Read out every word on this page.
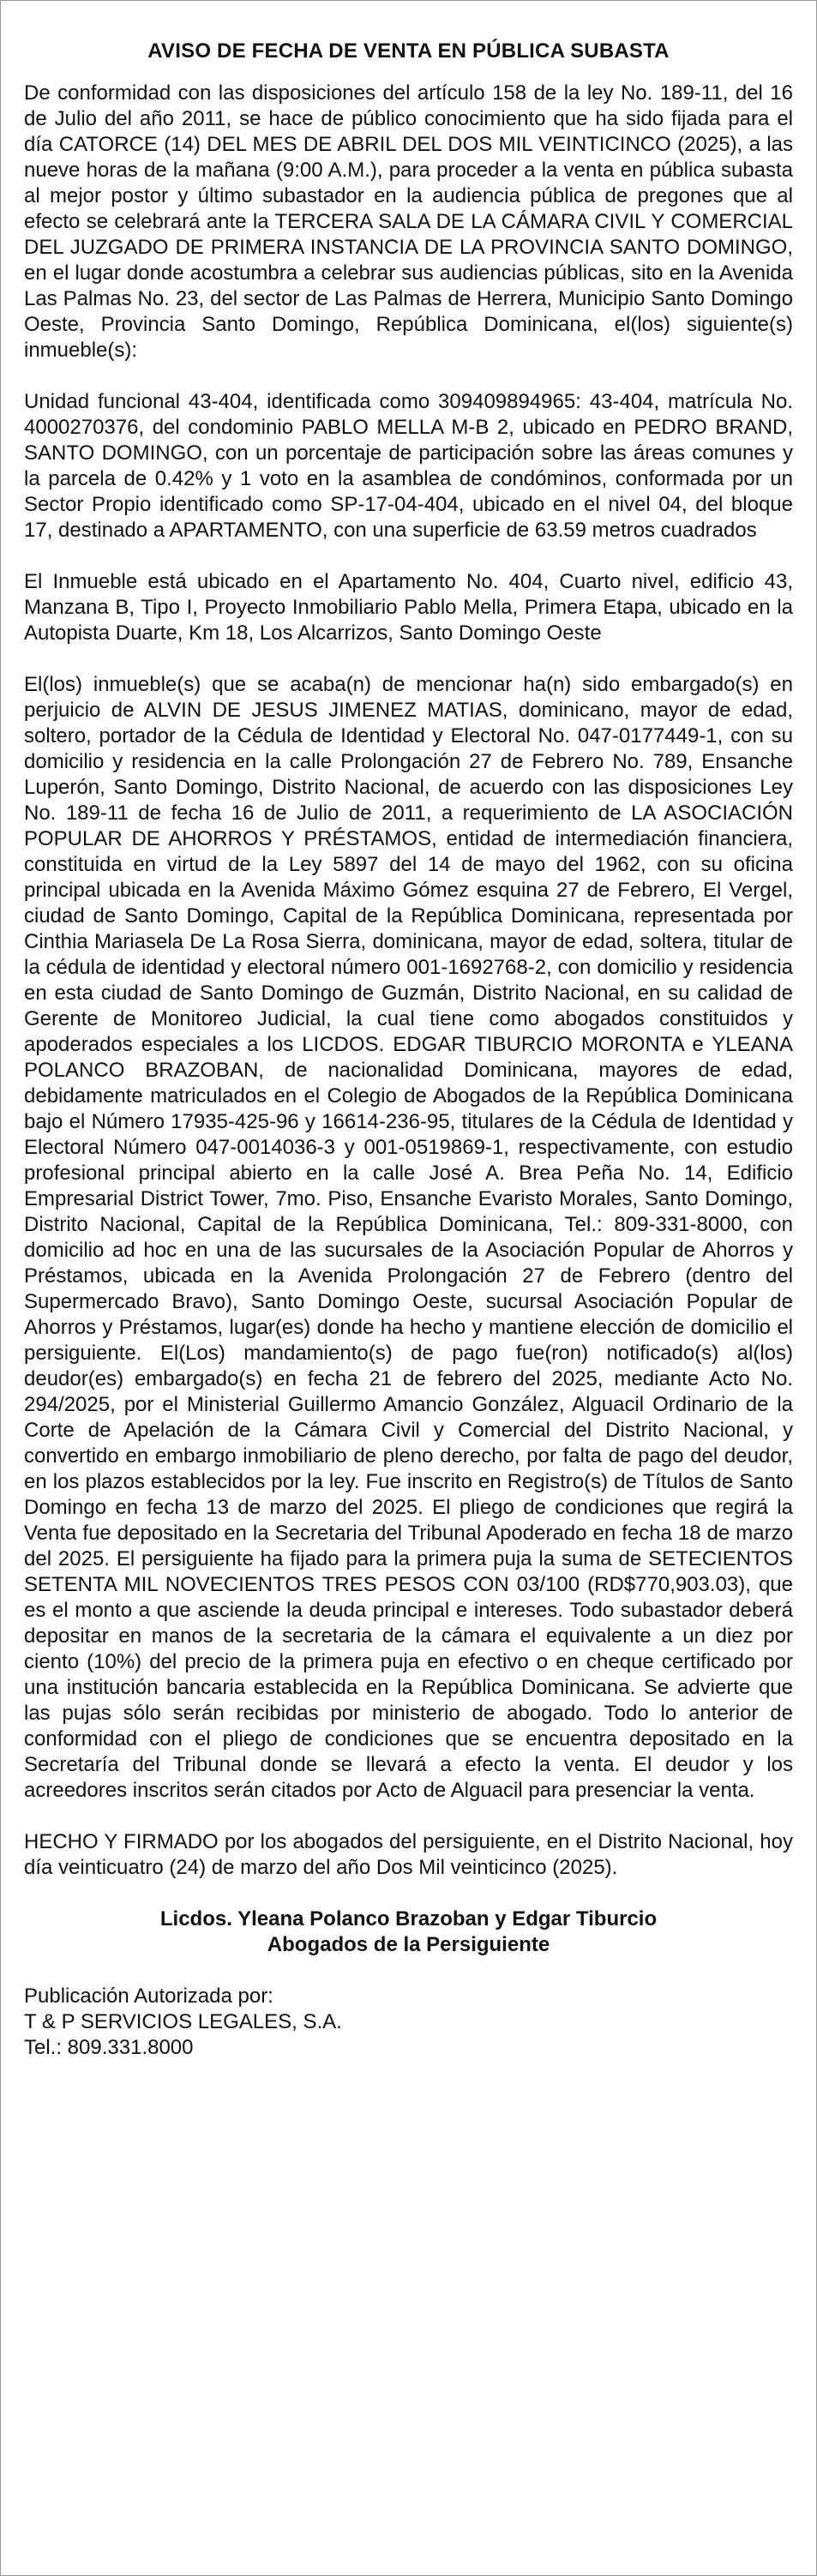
AVISO DE FECHA DE VENTA EN PÚBLICA SUBASTA

De conformidad con las disposiciones del artículo 158 de la ley No. 189-11, del 16 de Julio del año 2011, se hace de público conocimiento que ha sido fijada para el día CATORCE (14) DEL MES DE ABRIL DEL DOS MIL VEINTICINCO (2025), a las nueve horas de la mañana (9:00 A.M.), para proceder a la venta en pública subasta al mejor postor y último subastador en la audiencia pública de pregones que al efecto se celebrará ante la TERCERA SALA DE LA CÁMARA CIVIL Y COMERCIAL DEL JUZGADO DE PRIMERA INSTANCIA DE LA PROVINCIA SANTO DOMINGO, en el lugar donde acostumbra a celebrar sus audiencias públicas, sito en la Avenida Las Palmas No. 23, del sector de Las Palmas de Herrera, Municipio Santo Domingo Oeste, Provincia Santo Domingo, República Dominicana, el(los) siguiente(s) inmueble(s):

Unidad funcional 43-404, identificada como 309409894965: 43-404, matrícula No. 4000270376, del condominio PABLO MELLA M-B 2, ubicado en PEDRO BRAND, SANTO DOMINGO, con un porcentaje de participación sobre las áreas comunes y la parcela de 0.42% y 1 voto en la asamblea de condóminos, conformada por un Sector Propio identificado como SP-17-04-404, ubicado en el nivel 04, del bloque 17, destinado a APARTAMENTO, con una superficie de 63.59 metros cuadrados

El Inmueble está ubicado en el Apartamento No. 404, Cuarto nivel, edificio 43, Manzana B, Tipo I, Proyecto Inmobiliario Pablo Mella, Primera Etapa, ubicado en la Autopista Duarte, Km 18, Los Alcarrizos, Santo Domingo Oeste

El(los) inmueble(s) que se acaba(n) de mencionar ha(n) sido embargado(s) en perjuicio de ALVIN DE JESUS JIMENEZ MATIAS, dominicano, mayor de edad, soltero, portador de la Cédula de Identidad y Electoral No. 047-0177449-1, con su domicilio y residencia en la calle Prolongación 27 de Febrero No. 789, Ensanche Luperón, Santo Domingo, Distrito Nacional, de acuerdo con las disposiciones Ley No. 189-11 de fecha 16 de Julio de 2011, a requerimiento de LA ASOCIACIÓN POPULAR DE AHORROS Y PRÉSTAMOS, entidad de intermediación financiera, constituida en virtud de la Ley 5897 del 14 de mayo del 1962, con su oficina principal ubicada en la Avenida Máximo Gómez esquina 27 de Febrero, El Vergel, ciudad de Santo Domingo, Capital de la República Dominicana, representada por Cinthia Mariasela De La Rosa Sierra, dominicana, mayor de edad, soltera, titular de la cédula de identidad y electoral número 001-1692768-2, con domicilio y residencia en esta ciudad de Santo Domingo de Guzmán, Distrito Nacional, en su calidad de Gerente de Monitoreo Judicial, la cual tiene como abogados constituidos y apoderados especiales a los LICDOS. EDGAR TIBURCIO MORONTA e YLEANA POLANCO BRAZOBAN, de nacionalidad Dominicana, mayores de edad, debidamente matriculados en el Colegio de Abogados de la República Dominicana bajo el Número 17935-425-96 y 16614-236-95, titulares de la Cédula de Identidad y Electoral Número 047-0014036-3 y 001-0519869-1, respectivamente, con estudio profesional principal abierto en la calle José A. Brea Peña No. 14, Edificio Empresarial District Tower, 7mo. Piso, Ensanche Evaristo Morales, Santo Domingo, Distrito Nacional, Capital de la República Dominicana, Tel.: 809-331-8000, con domicilio ad hoc en una de las sucursales de la Asociación Popular de Ahorros y Préstamos, ubicada en la Avenida Prolongación 27 de Febrero (dentro del Supermercado Bravo), Santo Domingo Oeste, sucursal Asociación Popular de Ahorros y Préstamos, lugar(es) donde ha hecho y mantiene elección de domicilio el persiguiente. El(Los) mandamiento(s) de pago fue(ron) notificado(s) al(los) deudor(es) embargado(s) en fecha 21 de febrero del 2025, mediante Acto No. 294/2025, por el Ministerial Guillermo Amancio González, Alguacil Ordinario de la Corte de Apelación de la Cámara Civil y Comercial del Distrito Nacional, y convertido en embargo inmobiliario de pleno derecho, por falta de pago del deudor, en los plazos establecidos por la ley. Fue inscrito en Registro(s) de Títulos de Santo Domingo en fecha 13 de marzo del 2025. El pliego de condiciones que regirá la Venta fue depositado en la Secretaria del Tribunal Apoderado en fecha 18 de marzo del 2025. El persiguiente ha fijado para la primera puja la suma de SETECIENTOS SETENTA MIL NOVECIENTOS TRES PESOS CON 03/100 (RD$770,903.03), que es el monto a que asciende la deuda principal e intereses. Todo subastador deberá depositar en manos de la secretaria de la cámara el equivalente a un diez por ciento (10%) del precio de la primera puja en efectivo o en cheque certificado por una institución bancaria establecida en la República Dominicana. Se advierte que las pujas sólo serán recibidas por ministerio de abogado. Todo lo anterior de conformidad con el pliego de condiciones que se encuentra depositado en la Secretaría del Tribunal donde se llevará a efecto la venta. El deudor y los acreedores inscritos serán citados por Acto de Alguacil para presenciar la venta.

HECHO Y FIRMADO por los abogados del persiguiente, en el Distrito Nacional, hoy día veinticuatro (24) de marzo del año Dos Mil veinticinco (2025).

Licdos. Yleana Polanco Brazoban y Edgar Tiburcio

Abogados de la Persiguiente

Publicación Autorizada por:

T & P SERVICIOS LEGALES, S.A.

Tel.: 809.331.8000
